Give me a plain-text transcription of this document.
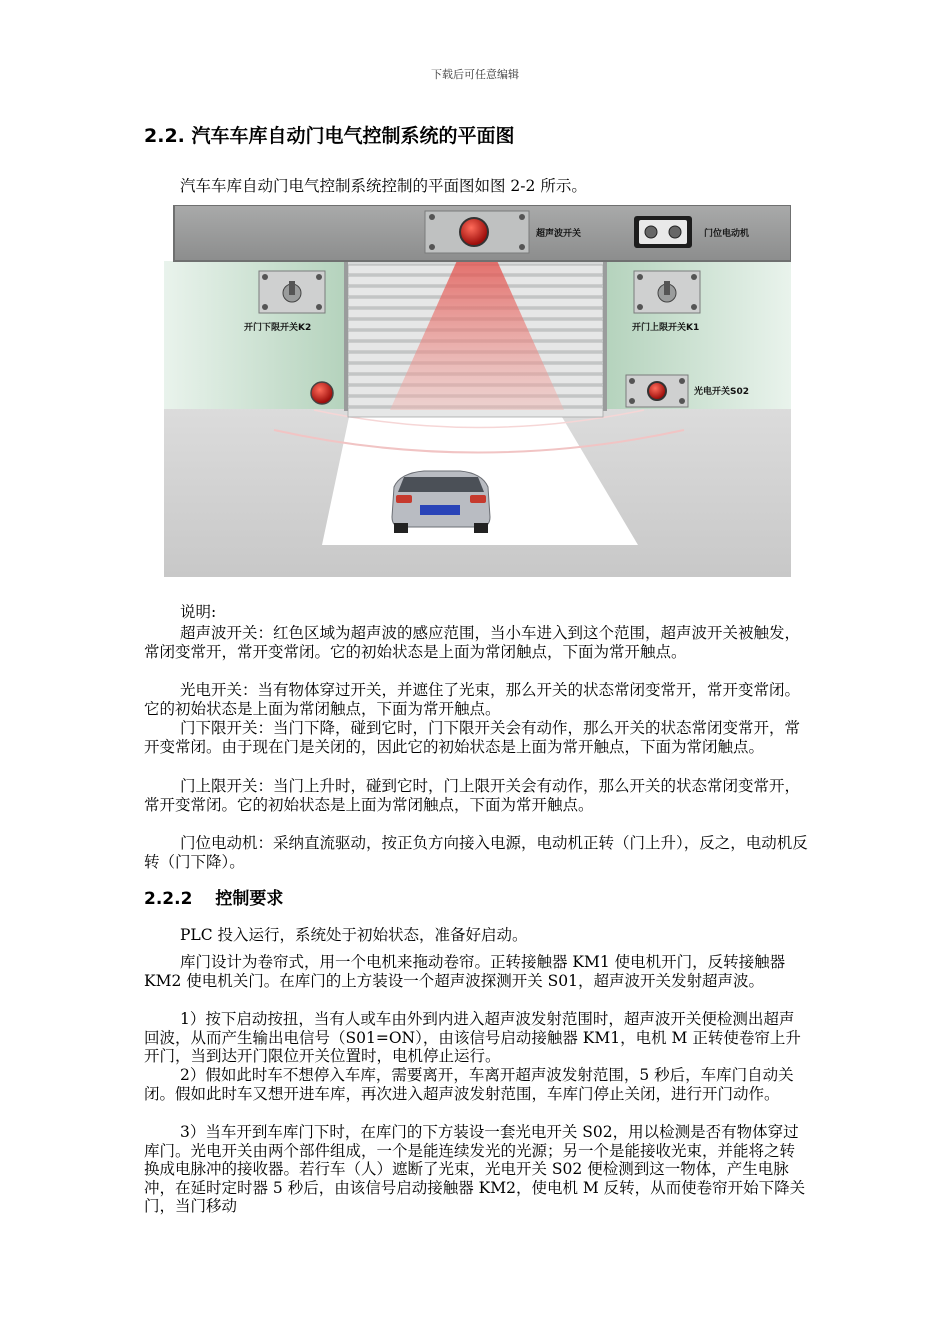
下载后可任意编辑
2.2. 汽车车库自动门电气控制系统的平面图
汽车车库自动门电气控制系统控制的平面图如图 2-2 所示。
超声波开关	门位电动机
开门下限开关K2	开门上限开关K1
光电开关S02
说明:
超声波开关：红色区域为超声波的感应范围，当小车进入到这个范围，超声波开关被触发，常闭变常开，常开变常闭。它的初始状态是上面为常闭触点，下面为常开触点。
光电开关：当有物体穿过开关，并遮住了光束，那么开关的状态常闭变常开，常开变常闭。它的初始状态是上面为常闭触点，下面为常开触点。
门下限开关：当门下降，碰到它时，门下限开关会有动作，那么开关的状态常闭变常开，常开变常闭。由于现在门是关闭的，因此它的初始状态是上面为常开触点，下面为常闭触点。
门上限开关：当门上升时，碰到它时，门上限开关会有动作，那么开关的状态常闭变常开，常开变常闭。它的初始状态是上面为常闭触点，下面为常开触点。
门位电动机：采纳直流驱动，按正负方向接入电源，电动机正转（门上升），反之，电动机反转（门下降）。
2.2.2　 控制要求
PLC 投入运行，系统处于初始状态，准备好启动。
库门设计为卷帘式，用一个电机来拖动卷帘。正转接触器 KM1 使电机开门，反转接触器 KM2 使电机关门。在库门的上方装设一个超声波探测开关 S01，超声波开关发射超声波。
1）按下启动按扭，当有人或车由外到内进入超声波发射范围时，超声波开关便检测出超声回波，从而产生输出电信号（S01=ON），由该信号启动接触器 KM1，电机 M 正转使卷帘上升开门，当到达开门限位开关位置时，电机停止运行。
2）假如此时车不想停入车库，需要离开，车离开超声波发射范围，5 秒后，车库门自动关闭。假如此时车又想开进车库，再次进入超声波发射范围，车库门停止关闭，进行开门动作。
3）当车开到车库门下时，在库门的下方装设一套光电开关 S02，用以检测是否有物体穿过库门。光电开关由两个部件组成，一个是能连续发光的光源；另一个是能接收光束，并能将之转换成电脉冲的接收器。若行车（人）遮断了光束，光电开关 S02 便检测到这一物体，产生电脉冲，在延时定时器 5 秒后，由该信号启动接触器 KM2，使电机 M 反转，从而使卷帘开始下降关门，当门移动
